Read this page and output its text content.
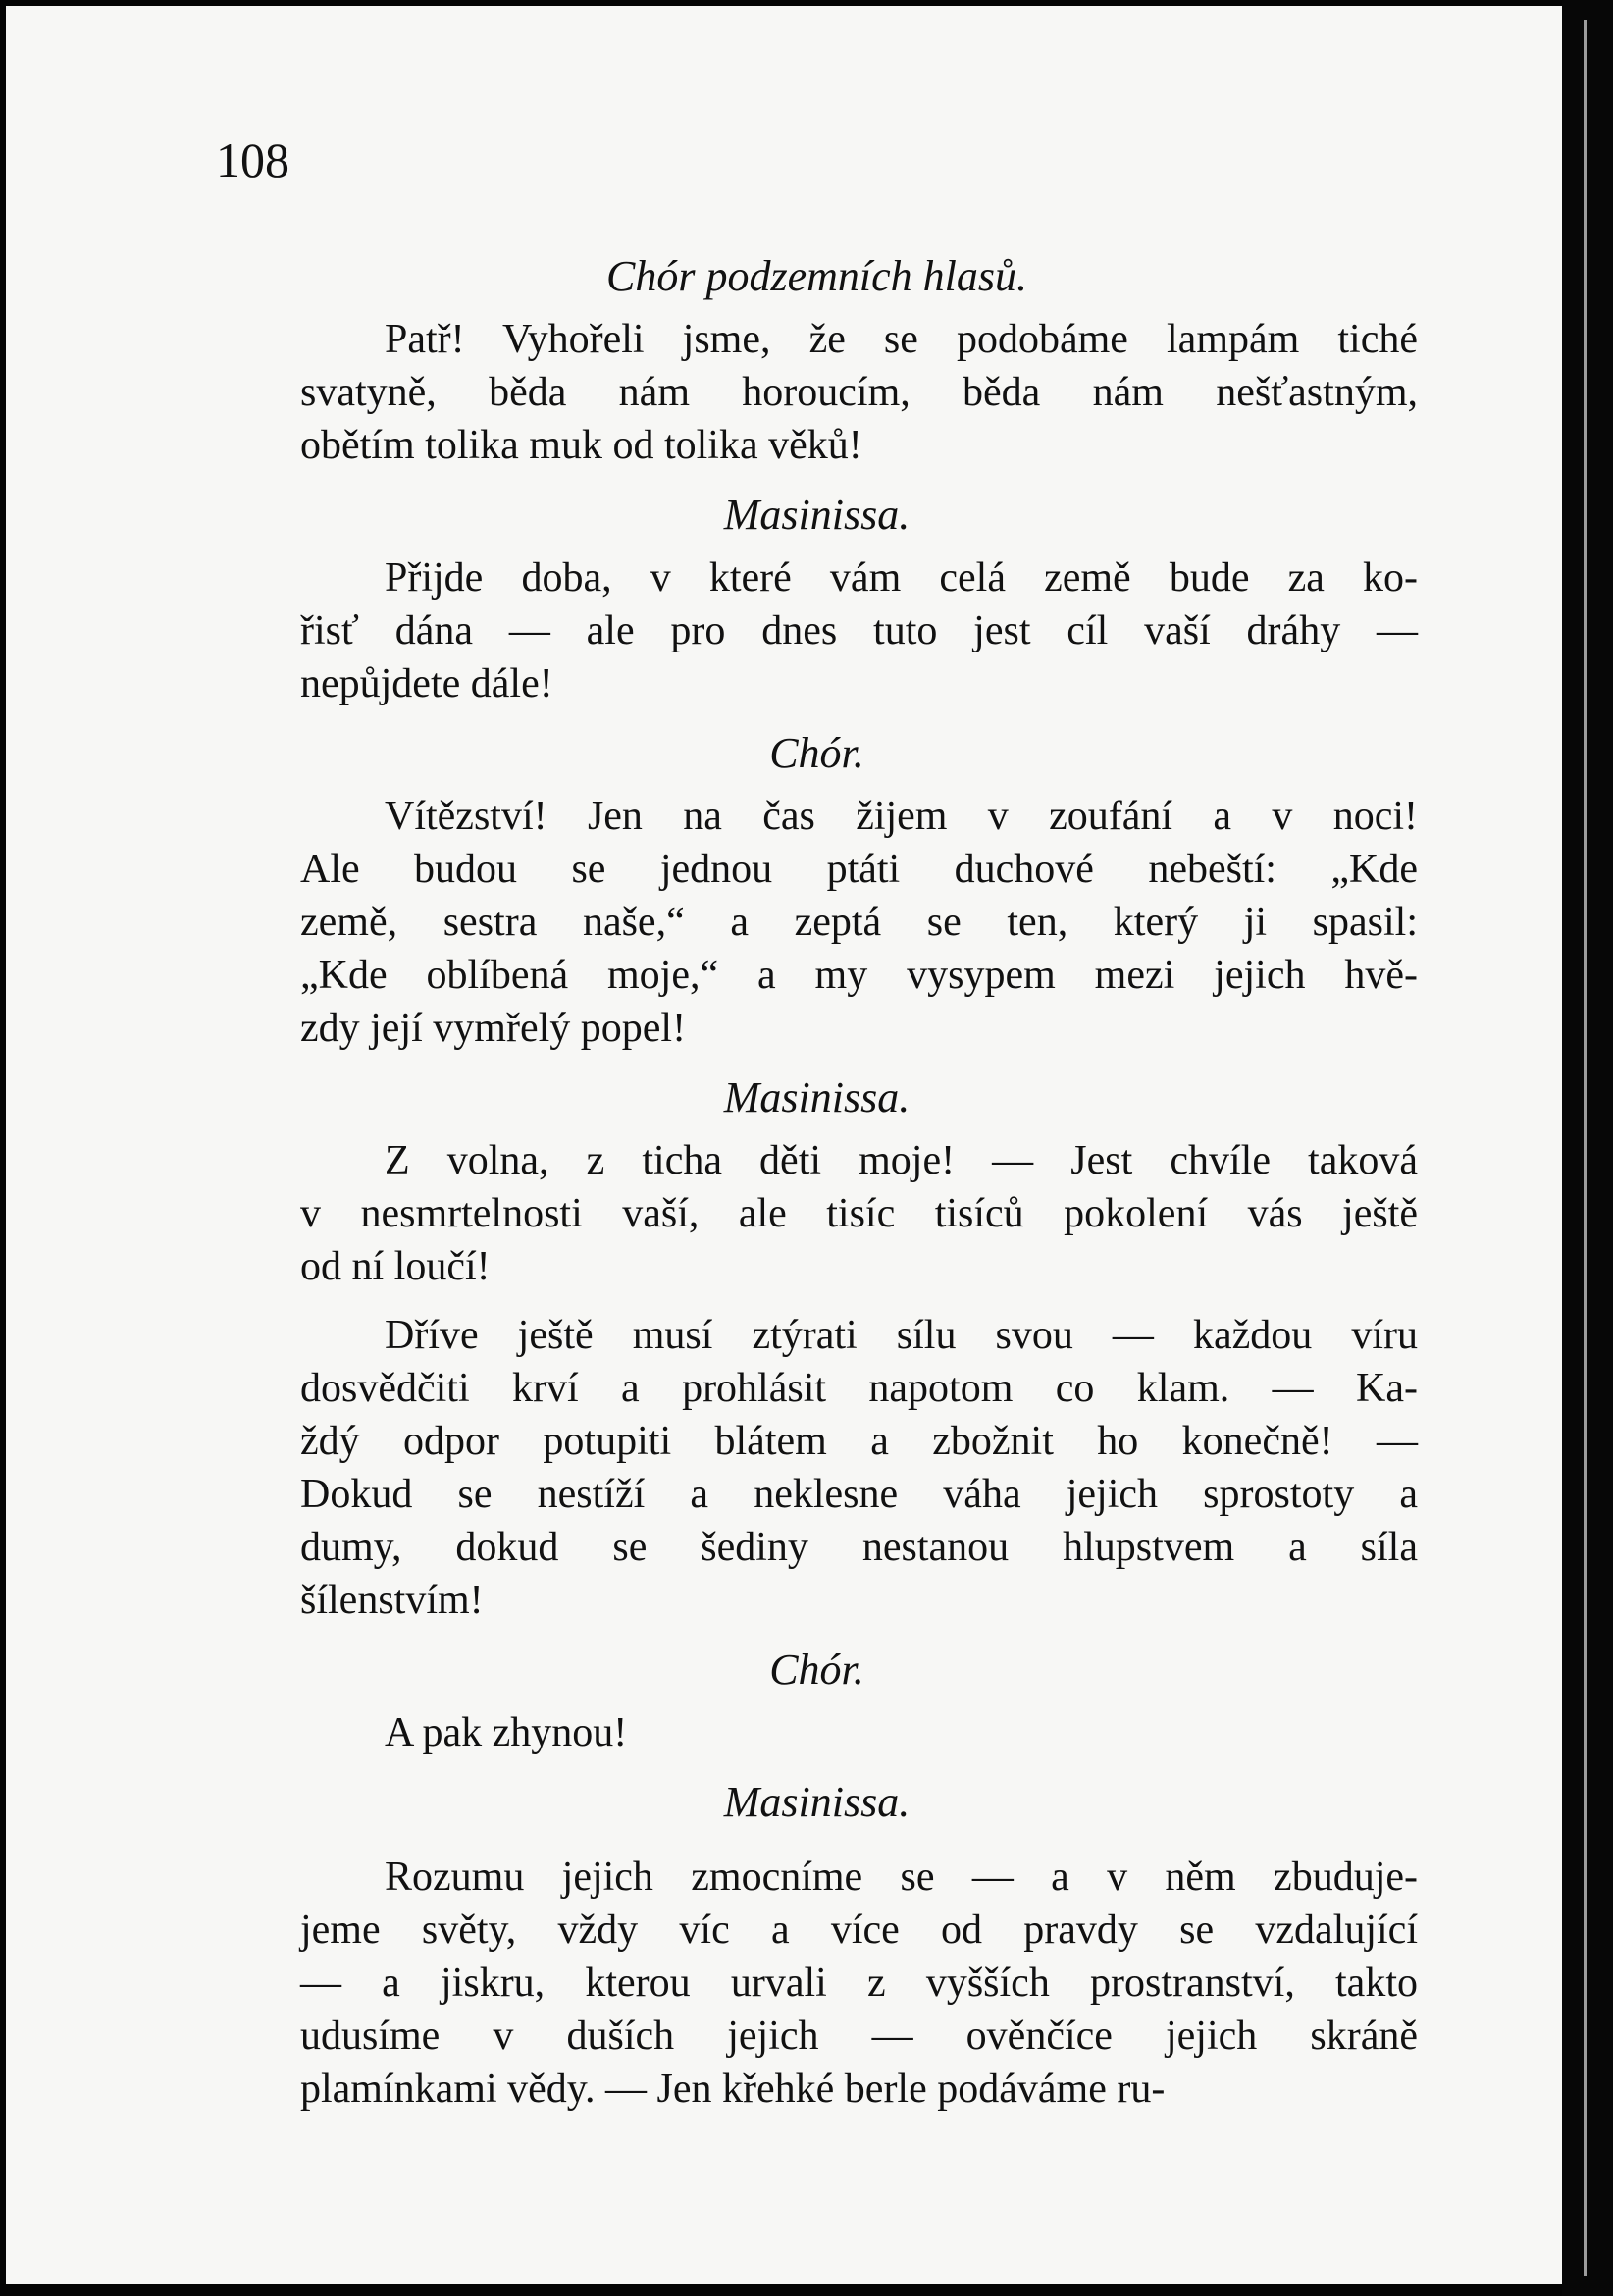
108
Chór podzemních hlasů.
Patř! Vyhořeli jsme, že se podobáme lampám tiché
svatyně, běda nám horoucím, běda nám nešťastným,
obětím tolika muk od tolika věků!
Masinissa.
Přijde doba, v které vám celá země bude za ko-
řisť dána — ale pro dnes tuto jest cíl vaší dráhy —
nepůjdete dále!
Chór.
Vítězství! Jen na čas žijem v zoufání a v noci!
Ale budou se jednou ptáti duchové nebeští: „Kde
země, sestra naše,“ a zeptá se ten, který ji spasil:
„Kde oblíbená moje,“ a my vysypem mezi jejich hvě-
zdy její vymřelý popel!
Masinissa.
Z volna, z ticha děti moje! — Jest chvíle taková
v nesmrtelnosti vaší, ale tisíc tisíců pokolení vás ještě
od ní loučí!
Dříve ještě musí ztýrati sílu svou — každou víru
dosvědčiti krví a prohlásit napotom co klam. — Ka-
ždý odpor potupiti blátem a zbožnit ho konečně! —
Dokud se nestíží a neklesne váha jejich sprostoty a
dumy, dokud se šediny nestanou hlupstvem a síla
šílenstvím!
Chór.
A pak zhynou!
Masinissa.
Rozumu jejich zmocníme se — a v něm zbuduje-
jeme světy, vždy víc a více od pravdy se vzdalující
— a jiskru, kterou urvali z vyšších prostranství, takto
udusíme v duších jejich — ověnčíce jejich skráně
plamínkami vědy. — Jen křehké berle podáváme ru-
